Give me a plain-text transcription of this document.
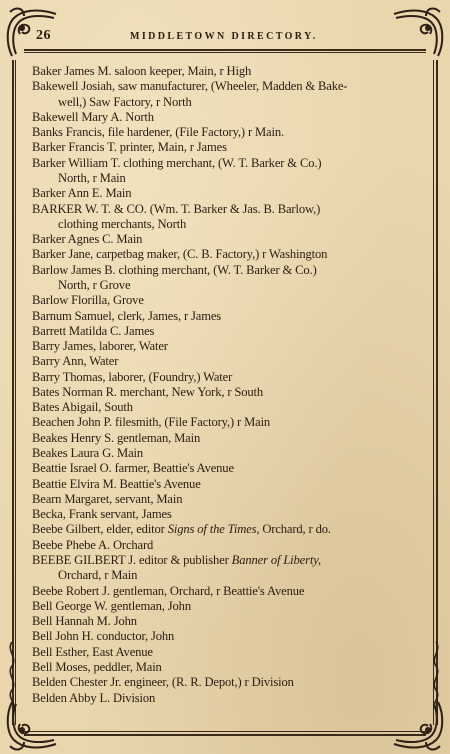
26	MIDDLETOWN DIRECTORY.
Baker James M. saloon keeper, Main, r High
Bakewell Josiah, saw manufacturer, (Wheeler, Madden & Bake-
well,) Saw Factory, r North
Bakewell Mary A. North
Banks Francis, file hardener, (File Factory,) r Main.
Barker Francis T. printer, Main, r James
Barker William T. clothing merchant, (W. T. Barker & Co.)
North, r Main
Barker Ann E. Main
BARKER W. T. & CO. (Wm. T. Barker & Jas. B. Barlow,)
clothing merchants, North
Barker Agnes C. Main
Barker Jane, carpetbag maker, (C. B. Factory,) r Washington
Barlow James B. clothing merchant, (W. T. Barker & Co.)
North, r Grove
Barlow Florilla, Grove
Barnum Samuel, clerk, James, r James
Barrett Matilda C. James
Barry James, laborer, Water
Barry Ann, Water
Barry Thomas, laborer, (Foundry,) Water
Bates Norman R. merchant, New York, r South
Bates Abigail, South
Beachen John P. filesmith, (File Factory,) r Main
Beakes Henry S. gentleman, Main
Beakes Laura G. Main
Beattie Israel O. farmer, Beattie's Avenue
Beattie Elvira M. Beattie's Avenue
Bearn Margaret, servant, Main
Becka, Frank servant, James
Beebe Gilbert, elder, editor Signs of the Times, Orchard, r do.
Beebe Phebe A. Orchard
BEEBE GILBERT J. editor & publisher Banner of Liberty,
Orchard, r Main
Beebe Robert J. gentleman, Orchard, r Beattie's Avenue
Bell George W. gentleman, John
Bell Hannah M. John
Bell John H. conductor, John
Bell Esther, East Avenue
Bell Moses, peddler, Main
Belden Chester Jr. engineer, (R. R. Depot,) r Division
Belden Abby L. Division
